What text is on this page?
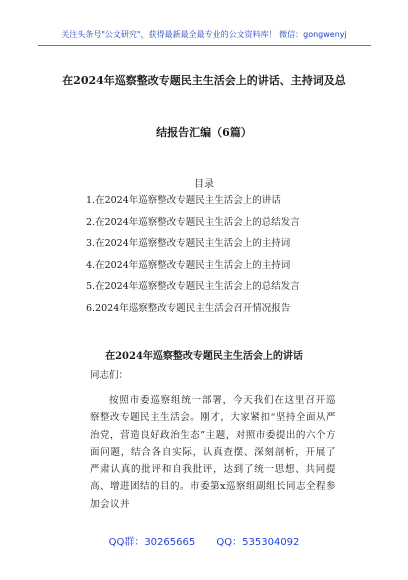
关注头条号"公文研究"，获得最新最全最专业的公文资料库！ 微信：gongwenyj
在2024年巡察整改专题民主生活会上的讲话、主持词及总
结报告汇编（6篇）
目录
1.在2024年巡察整改专题民主生活会上的讲话
2.在2024年巡察整改专题民主生活会上的总结发言
3.在2024年巡察整改专题民主生活会上的主持词
4.在2024年巡察整改专题民主生活会上的主持词
5.在2024年巡察整改专题民主生活会上的总结发言
6.2024年巡察整改专题民主生活会召开情况报告
在2024年巡察整改专题民主生活会上的讲话
同志们：

按照市委巡察组统一部署，今天我们在这里召开巡察整改专题民主生活会。刚才，大家紧扣“坚持全面从严治党，营造良好政治生态”主题，对照市委提出的六个方面问题，结合各自实际，认真查摆、深刻剖析，开展了严肃认真的批评和自我批评，达到了统一思想、共同提高、增进团结的目的。市委第x巡察组副组长同志全程参加会议并

QQ群：30265665 QQ：535304092
